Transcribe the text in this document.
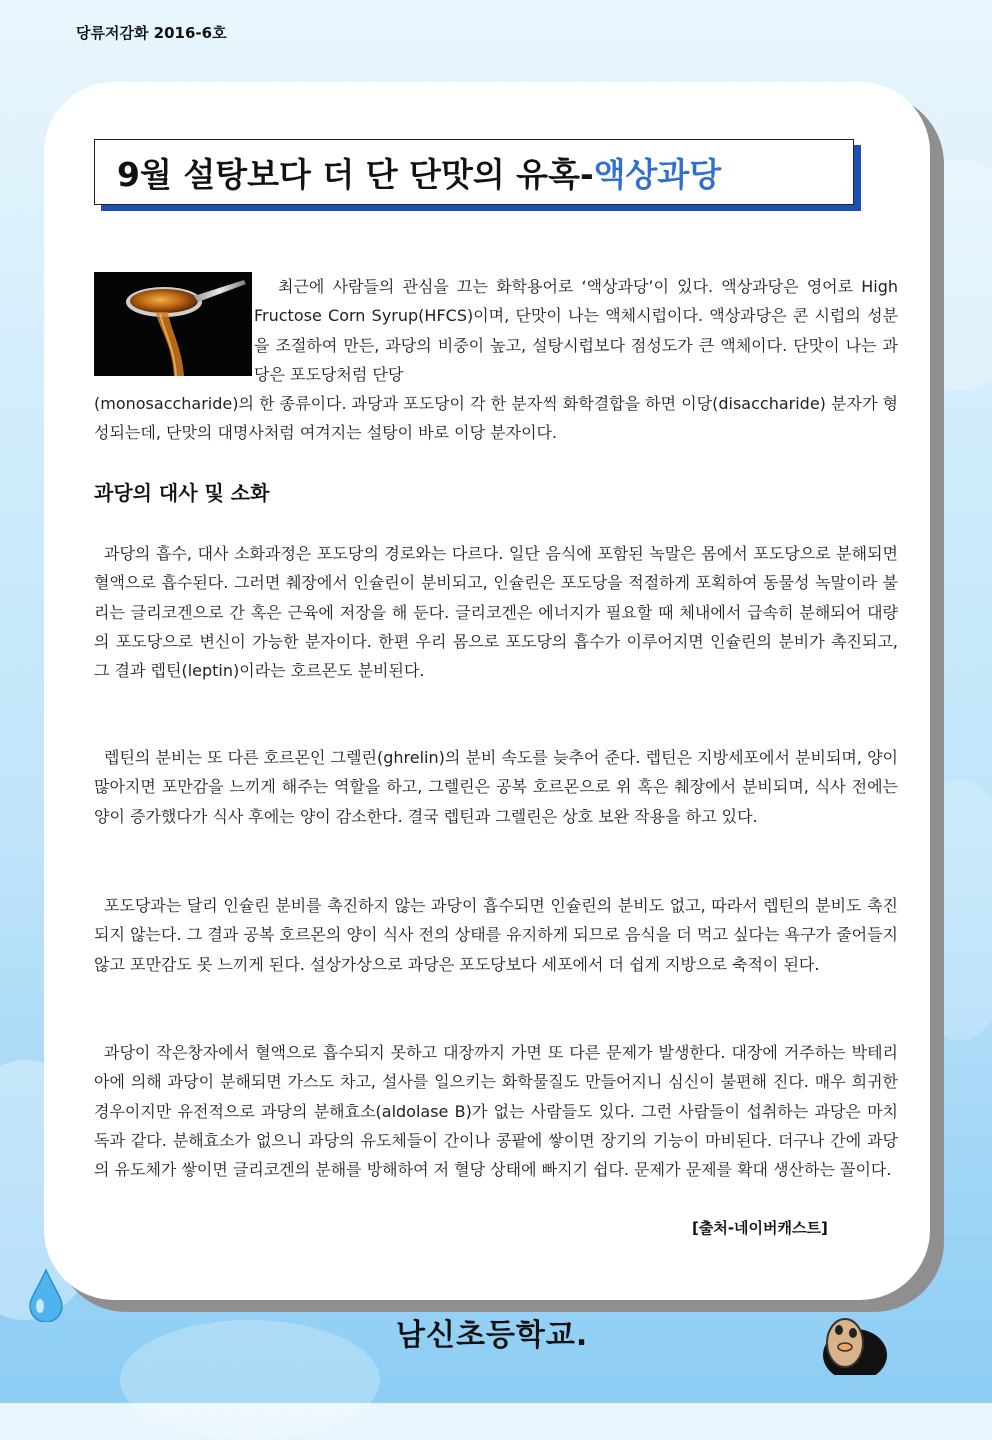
당류저감화 2016-6호
9월 설탕보다 더 단 단맛의 유혹- 액상과당
최근에 사람들의 관심을 끄는 화학용어로 ‘액상과당’이 있다. 액상과당은 영어로 High Fructose Corn Syrup(HFCS)이며, 단맛이 나는 액체시럽이다. 액상과당은 콘 시럽의 성분을 조절하여 만든, 과당의 비중이 높고, 설탕시럽보다 점성도가 큰 액체이다. 단맛이 나는 과당은 포도당처럼 단당
(monosaccharide)의 한 종류이다. 과당과 포도당이 각 한 분자씩 화학결합을 하면 이당(disaccharide) 분자가 형성되는데, 단맛의 대명사처럼 여겨지는 설탕이 바로 이당 분자이다.
과당의 대사 및 소화
과당의 흡수, 대사 소화과정은 포도당의 경로와는 다르다. 일단 음식에 포함된 녹말은 몸에서 포도당으로 분해되면 혈액으로 흡수된다. 그러면 췌장에서 인슐린이 분비되고, 인슐린은 포도당을 적절하게 포획하여 동물성 녹말이라 불리는 글리코겐으로 간 혹은 근육에 저장을 해 둔다. 글리코겐은 에너지가 필요할 때 체내에서 급속히 분해되어 대량의 포도당으로 변신이 가능한 분자이다. 한편 우리 몸으로 포도당의 흡수가 이루어지면 인슐린의 분비가 촉진되고, 그 결과 렙틴(leptin)이라는 호르몬도 분비된다.
렙틴의 분비는 또 다른 호르몬인 그렐린(ghrelin)의 분비 속도를 늦추어 준다. 렙틴은 지방세포에서 분비되며, 양이 많아지면 포만감을 느끼게 해주는 역할을 하고, 그렐린은 공복 호르몬으로 위 혹은 췌장에서 분비되며, 식사 전에는 양이 증가했다가 식사 후에는 양이 감소한다. 결국 렙틴과 그렐린은 상호 보완 작용을 하고 있다.
포도당과는 달리 인슐린 분비를 촉진하지 않는 과당이 흡수되면 인슐린의 분비도 없고, 따라서 렙틴의 분비도 촉진되지 않는다. 그 결과 공복 호르몬의 양이 식사 전의 상태를 유지하게 되므로 음식을 더 먹고 싶다는 욕구가 줄어들지 않고 포만감도 못 느끼게 된다. 설상가상으로 과당은 포도당보다 세포에서 더 쉽게 지방으로 축적이 된다.
과당이 작은창자에서 혈액으로 흡수되지 못하고 대장까지 가면 또 다른 문제가 발생한다. 대장에 거주하는 박테리아에 의해 과당이 분해되면 가스도 차고, 설사를 일으키는 화학물질도 만들어지니 심신이 불편해 진다. 매우 희귀한 경우이지만 유전적으로 과당의 분해효소(aldolase B)가 없는 사람들도 있다. 그런 사람들이 섭취하는 과당은 마치 독과 같다. 분해효소가 없으니 과당의 유도체들이 간이나 콩팥에 쌓이면 장기의 기능이 마비된다. 더구나 간에 과당의 유도체가 쌓이면 글리코겐의 분해를 방해하여 저 혈당 상태에 빠지기 쉽다. 문제가 문제를 확대 생산하는 꼴이다.
[출처-네이버캐스트]
남신초등학교.
